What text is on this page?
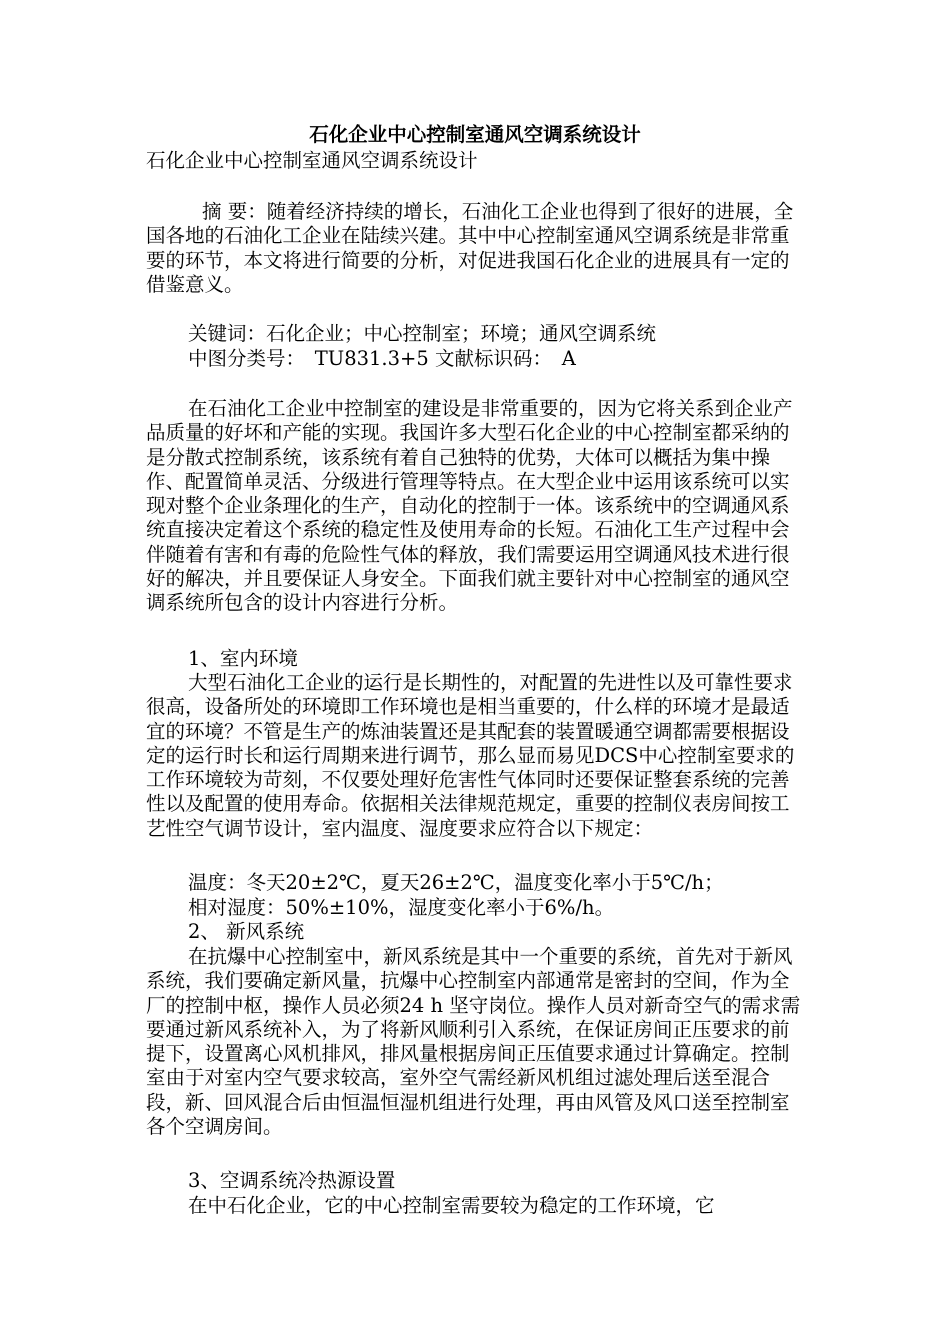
石化企业中心控制室通风空调系统设计
石化企业中心控制室通风空调系统设计

摘 要：随着经济持续的增长，石油化工企业也得到了很好的进展，全国各地的石油化工企业在陆续兴建。其中中心控制室通风空调系统是非常重要的环节，本文将进行简要的分析，对促进我国石化企业的进展具有一定的借鉴意义。

关键词：石化企业；中心控制室；环境；通风空调系统
中图分类号：　TU831.3+5 文献标识码：　A

在石油化工企业中控制室的建设是非常重要的，因为它将关系到企业产品质量的好坏和产能的实现。我国许多大型石化企业的中心控制室都采纳的是分散式控制系统，该系统有着自己独特的优势，大体可以概括为集中操作、配置简单灵活、分级进行管理等特点。在大型企业中运用该系统可以实现对整个企业条理化的生产，自动化的控制于一体。该系统中的空调通风系统直接决定着这个系统的稳定性及使用寿命的长短。石油化工生产过程中会伴随着有害和有毒的危险性气体的释放，我们需要运用空调通风技术进行很好的解决，并且要保证人身安全。下面我们就主要针对中心控制室的通风空调系统所包含的设计内容进行分析。

1、室内环境

大型石油化工企业的运行是长期性的，对配置的先进性以及可靠性要求很高，设备所处的环境即工作环境也是相当重要的，什么样的环境才是最适宜的环境？不管是生产的炼油装置还是其配套的装置暖通空调都需要根据设定的运行时长和运行周期来进行调节，那么显而易见DCS中心控制室要求的工作环境较为苛刻，不仅要处理好危害性气体同时还要保证整套系统的完善性以及配置的使用寿命。依据相关法律规范规定，重要的控制仪表房间按工艺性空气调节设计，室内温度、湿度要求应符合以下规定：

温度：冬天20±2℃，夏天26±2℃，温度变化率小于5℃/h；
相对湿度：50%±10%，湿度变化率小于6%/h。
2、 新风系统

在抗爆中心控制室中，新风系统是其中一个重要的系统，首先对于新风系统，我们要确定新风量，抗爆中心控制室内部通常是密封的空间，作为全厂的控制中枢，操作人员必须24 h 坚守岗位。操作人员对新奇空气的需求需要通过新风系统补入，为了将新风顺利引入系统，在保证房间正压要求的前提下，设置离心风机排风，排风量根据房间正压值要求通过计算确定。控制室由于对室内空气要求较高，室外空气需经新风机组过滤处理后送至混合段，新、回风混合后由恒温恒湿机组进行处理，再由风管及风口送至控制室各个空调房间。

3、空调系统冷热源设置
在中石化企业，它的中心控制室需要较为稳定的工作环境，它
